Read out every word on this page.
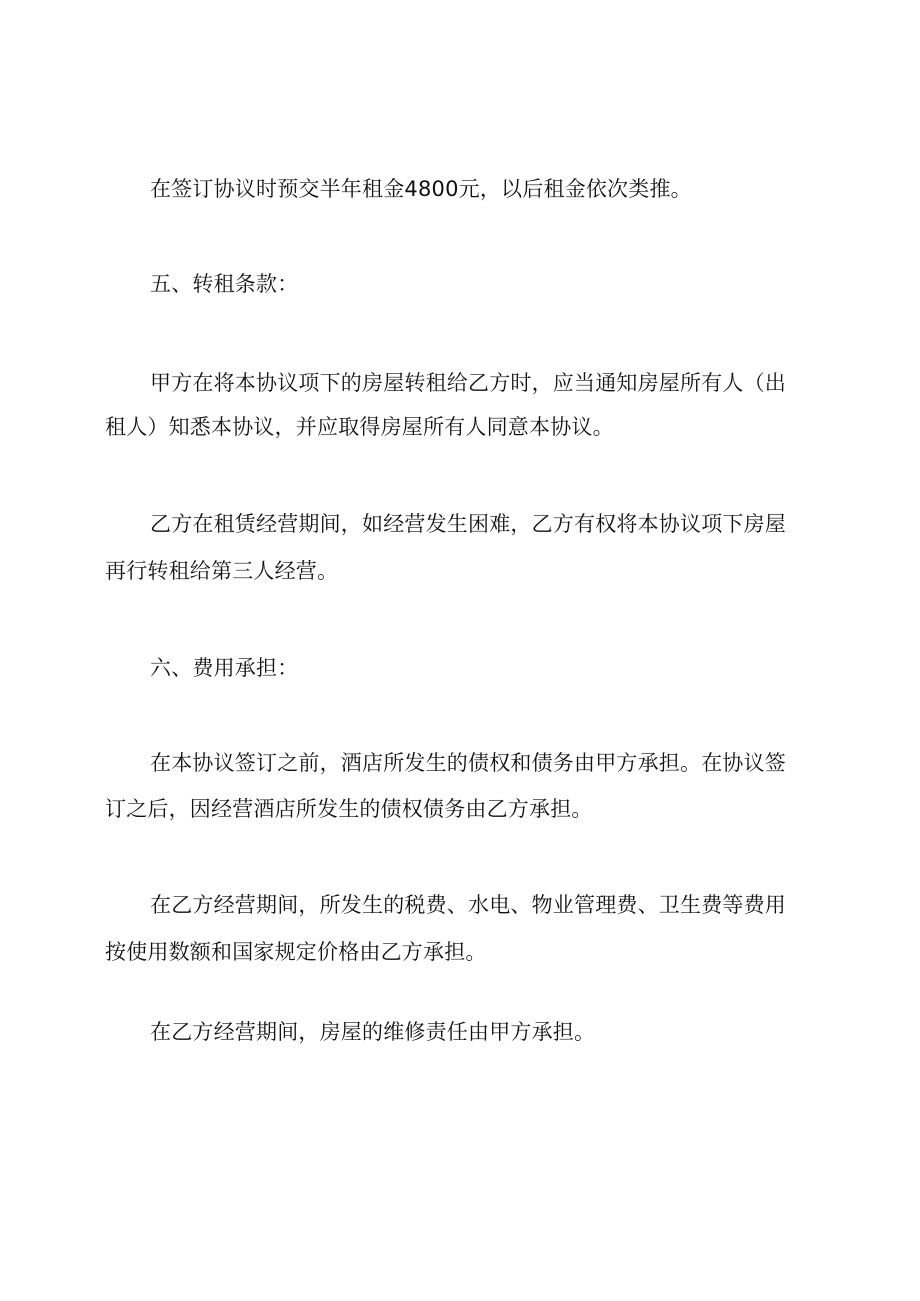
在签订协议时预交半年租金4800元，以后租金依次类推。
五、转租条款：
甲方在将本协议项下的房屋转租给乙方时，应当通知房屋所有人（出
租人）知悉本协议，并应取得房屋所有人同意本协议。
乙方在租赁经营期间，如经营发生困难，乙方有权将本协议项下房屋
再行转租给第三人经营。
六、费用承担：
在本协议签订之前，酒店所发生的债权和债务由甲方承担。在协议签
订之后，因经营酒店所发生的债权债务由乙方承担。
在乙方经营期间，所发生的税费、水电、物业管理费、卫生费等费用
按使用数额和国家规定价格由乙方承担。
在乙方经营期间，房屋的维修责任由甲方承担。
